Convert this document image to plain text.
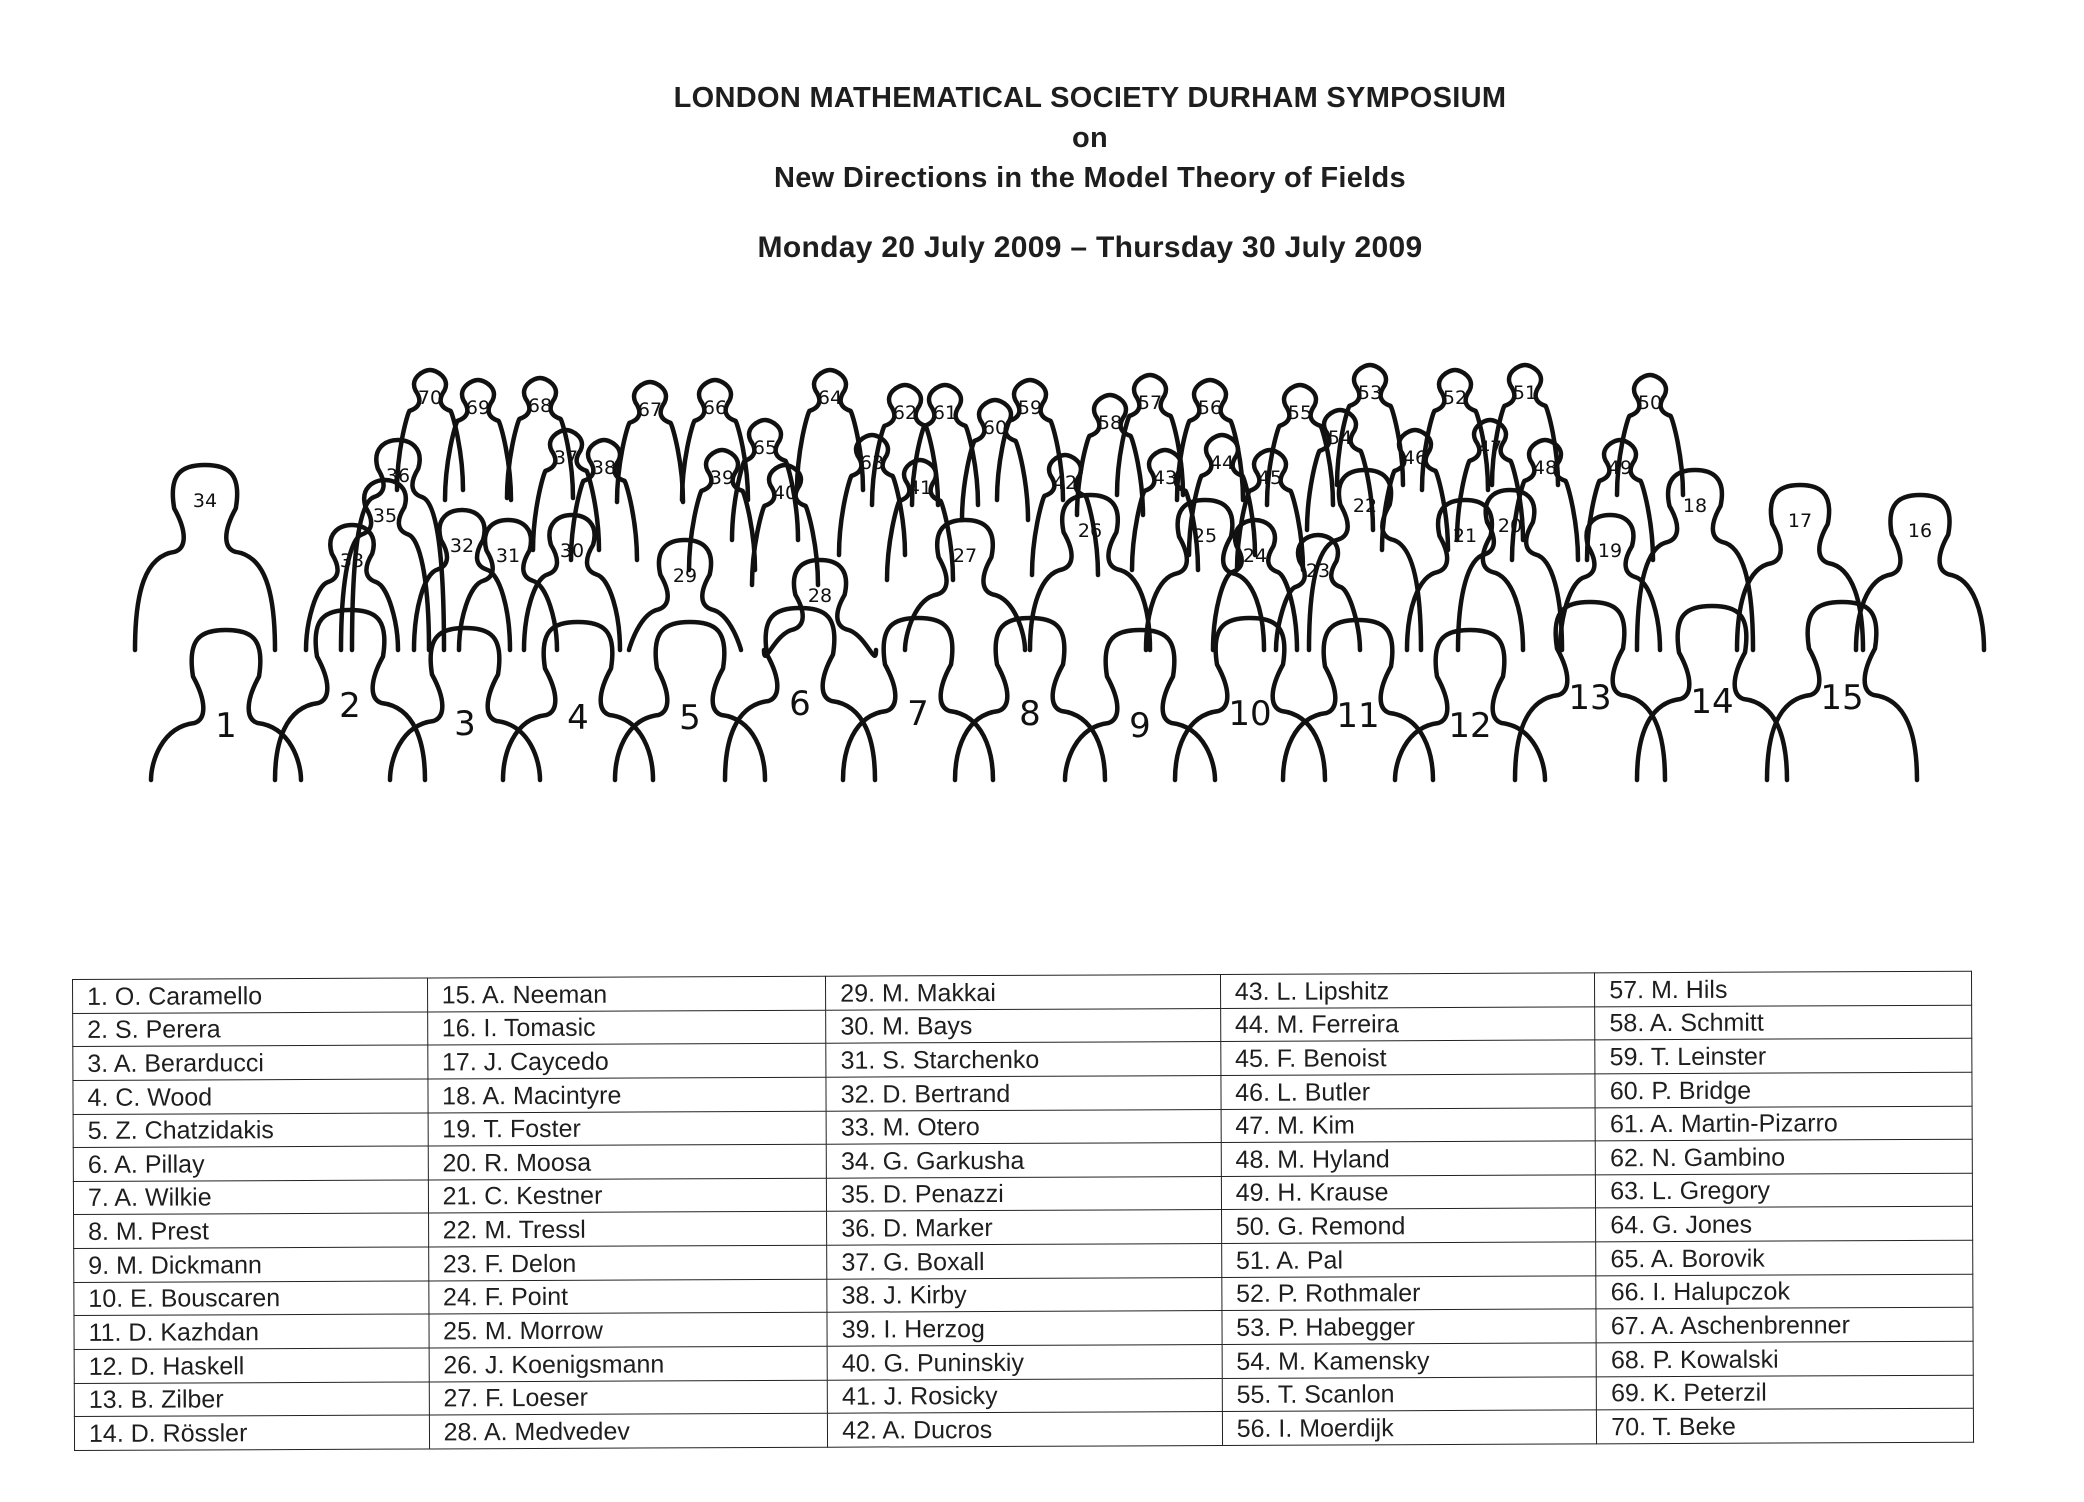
LONDON MATHEMATICAL SOCIETY DURHAM SYMPOSIUM
on
New Directions in the Model Theory of Fields
Monday 20 July 2009 – Thursday 30 July 2009
70 69 68
37 38
67 66
39
65
40
64
63
62 61
41
60
59
42
58
57
43
56
44
45
55
54
53
46
52
47
48
51
49
50
34
33
35
36
32 31 30
29
28
27
26	25
24
23
22
21 20
19
18
17	16
1	2	3	4	5	6	7	8	9 10 11 12
13 14	15
1. O. Caramello	15. A. Neeman	29. M. Makkai	43. L. Lipshitz	57. M. Hils
2. S. Perera	16. I. Tomasic	30. M. Bays	44. M. Ferreira	58. A. Schmitt
3. A. Berarducci	17. J. Caycedo	31. S. Starchenko	45. F. Benoist	59. T. Leinster
4. C. Wood	18. A. Macintyre	32. D. Bertrand	46. L. Butler	60. P. Bridge
5. Z. Chatzidakis	19. T. Foster	33. M. Otero	47. M. Kim	61. A. Martin-Pizarro
6. A. Pillay	20. R. Moosa	34. G. Garkusha	48. M. Hyland	62. N. Gambino
7. A. Wilkie	21. C. Kestner	35. D. Penazzi	49. H. Krause	63. L. Gregory
8. M. Prest	22. M. Tressl	36. D. Marker	50. G. Remond	64. G. Jones
9. M. Dickmann	23. F. Delon	37. G. Boxall	51. A. Pal	65. A. Borovik
10. E. Bouscaren	24. F. Point	38. J. Kirby	52. P. Rothmaler	66. I. Halupczok
11. D. Kazhdan	25. M. Morrow	39. I. Herzog	53. P. Habegger	67. A. Aschenbrenner
12. D. Haskell	26. J. Koenigsmann	40. G. Puninskiy	54. M. Kamensky	68. P. Kowalski
13. B. Zilber	27. F. Loeser	41. J. Rosicky	55. T. Scanlon	69. K. Peterzil
14. D. Rössler	28. A. Medvedev	42. A. Ducros	56. I. Moerdijk	70. T. Beke
